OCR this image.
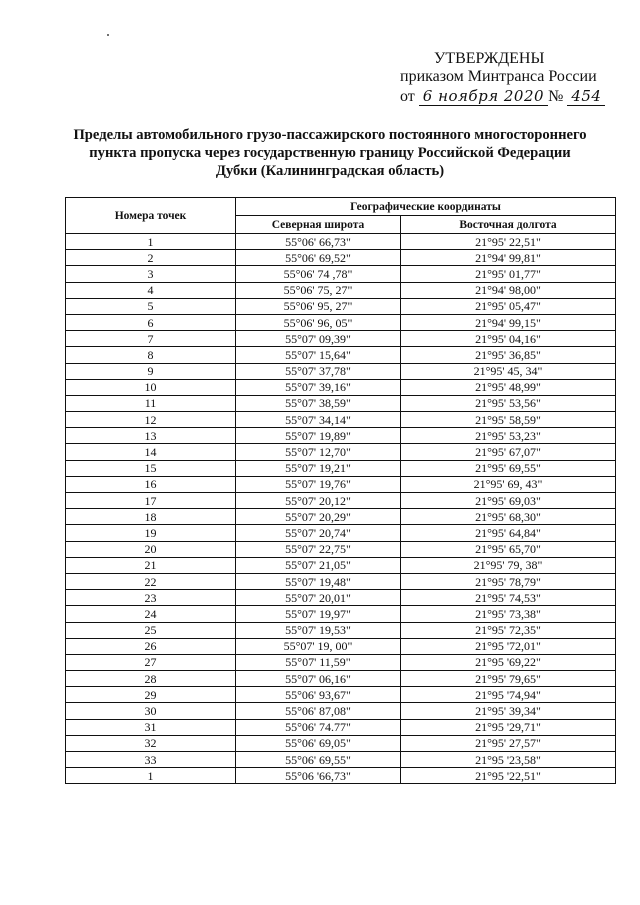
УТВЕРЖДЕНЫ
приказом Минтранса России
от 6 ноября 2020 № 454
Пределы автомобильного грузо-пассажирского постоянного многостороннего
пункта пропуска через государственную границу Российской Федерации
Дубки (Калининградская область)
Номера точек	Географические координаты	
	Северная широта	Восточная долгота
1	55°06' 66,73"	21°95' 22,51"
2	55°06' 69,52"	21°94' 99,81"
3	55°06' 74 ,78"	21°95' 01,77"
4	55°06' 75, 27"	21°94' 98,00"
5	55°06' 95, 27"	21°95' 05,47"
6	55°06' 96, 05"	21°94' 99,15"
7	55°07' 09,39"	21°95' 04,16"
8	55°07' 15,64"	21°95' 36,85"
9	55°07' 37,78"	21°95' 45, 34"
10	55°07' 39,16"	21°95' 48,99"
11	55°07' 38,59"	21°95' 53,56"
12	55°07' 34,14"	21°95' 58,59"
13	55°07' 19,89"	21°95' 53,23"
14	55°07' 12,70"	21°95' 67,07"
15	55°07' 19,21"	21°95' 69,55"
16	55°07' 19,76"	21°95' 69, 43"
17	55°07' 20,12"	21°95' 69,03"
18	55°07' 20,29"	21°95' 68,30"
19	55°07' 20,74"	21°95' 64,84"
20	55°07' 22,75"	21°95' 65,70"
21	55°07' 21,05"	21°95' 79, 38"
22	55°07' 19,48"	21°95' 78,79"
23	55°07' 20,01"	21°95' 74,53"
24	55°07' 19,97"	21°95' 73,38"
25	55°07' 19,53"	21°95' 72,35"
26	55°07' 19, 00"	21°95 '72,01"
27	55°07' 11,59"	21°95 '69,22"
28	55°07' 06,16"	21°95' 79,65"
29	55°06' 93,67"	21°95 '74,94"
30	55°06' 87,08"	21°95' 39,34"
31	55°06' 74.77"	21°95 '29,71"
32	55°06' 69,05"	21°95' 27,57"
33	55°06' 69,55"	21°95 '23,58"
1	55°06 '66,73"	21°95 '22,51"
